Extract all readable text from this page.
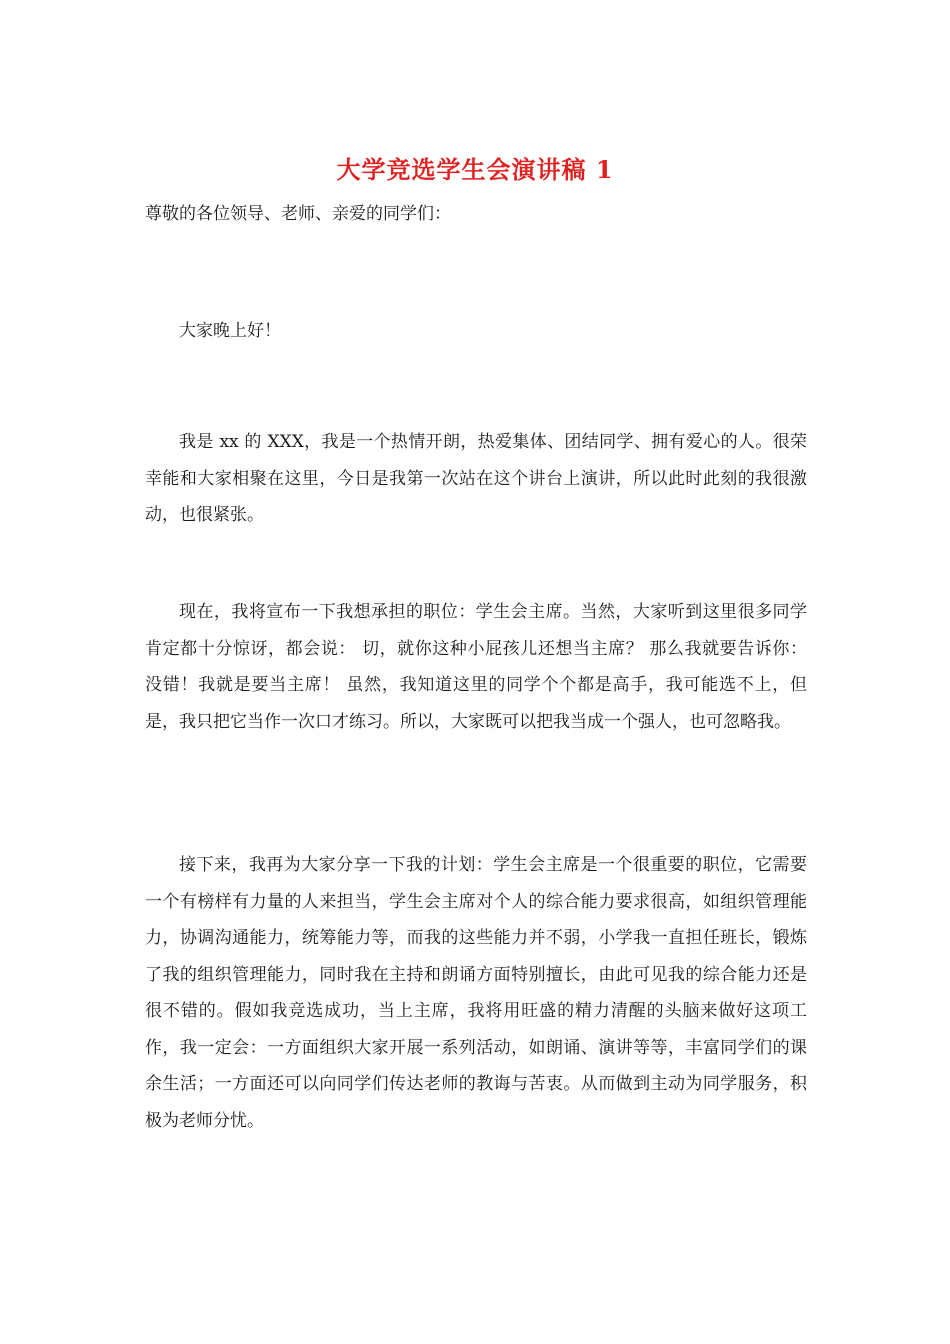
大学竞选学生会演讲稿 1
尊敬的各位领导、老师、亲爱的同学们：

大家晚上好！

我是 xx 的 XXX，我是一个热情开朗，热爱集体、团结同学、拥有爱心的人。很荣幸能和大家相聚在这里，今日是我第一次站在这个讲台上演讲，所以此时此刻的我很激动，也很紧张。

现在，我将宣布一下我想承担的职位：学生会主席。当然，大家听到这里很多同学肯定都十分惊讶，都会说： 切，就你这种小屁孩儿还想当主席？ 那么我就要告诉你： 没错！我就是要当主席！ 虽然，我知道这里的同学个个都是高手，我可能选不上，但是，我只把它当作一次口才练习。所以，大家既可以把我当成一个强人，也可忽略我。

接下来，我再为大家分享一下我的计划：学生会主席是一个很重要的职位，它需要一个有榜样有力量的人来担当，学生会主席对个人的综合能力要求很高，如组织管理能力，协调沟通能力，统筹能力等，而我的这些能力并不弱，小学我一直担任班长，锻炼了我的组织管理能力，同时我在主持和朗诵方面特别擅长，由此可见我的综合能力还是很不错的。假如我竞选成功，当上主席，我将用旺盛的精力清醒的头脑来做好这项工作，我一定会：一方面组织大家开展一系列活动，如朗诵、演讲等等，丰富同学们的课余生活；一方面还可以向同学们传达老师的教诲与苦衷。从而做到主动为同学服务，积极为老师分忧。
